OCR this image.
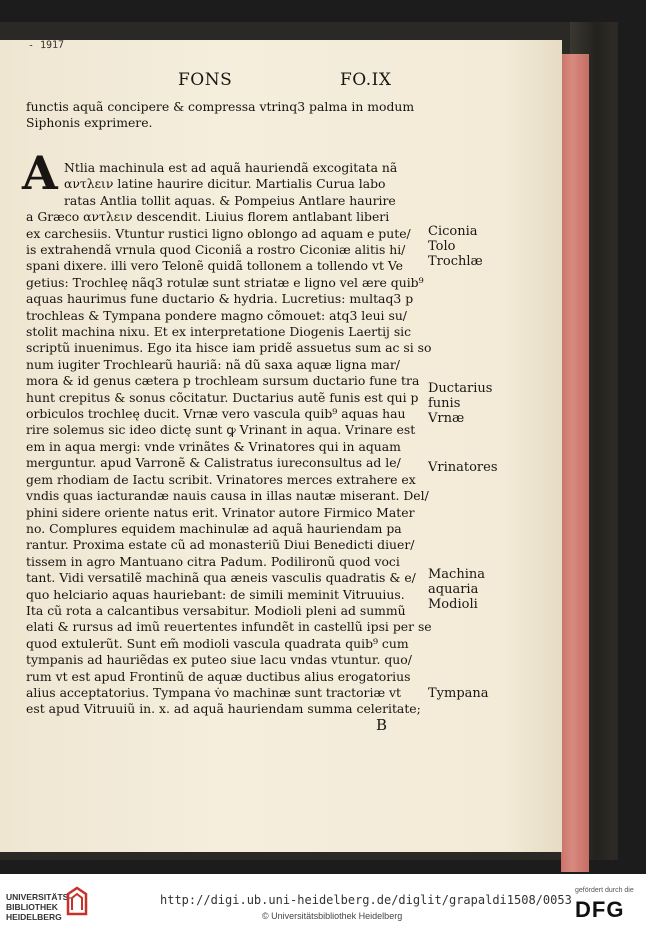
- 1917
FONS	FO.IX
functis aquã concipere & compressa vtrinq3 palma in modum
Siphonis exprimere.
A Ntlia machinula est ad aquã hauriendã excogitata nã
αντλειν latine haurire dicitur. Martialis Curua labo
ratas Antlia tollit aquas. & Pompeius Antlare haurire
a Græco αντλειν descendit. Liuius florem antlabant liberi
ex carchesiis. Vtuntur rustici ligno oblongo ad aquam e pute/
is extrahendã vrnula quod Ciconiã a rostro Ciconiæ alitis hi/
spani dixere. illi vero Telonẽ quidã tollonem a tollendo vt Ve
getius: Trochleę nãq3 rotulæ sunt striatæ e ligno vel ære quib⁹
aquas haurimus fune ductario & hydria. Lucretius: multaq3 p
trochleas & Tympana pondere magno cõmouet: atq3 leui su/
stolit machina nixu. Et ex interpretatione Diogenis Laertij sic
scriptũ inuenimus. Ego ita hisce iam pridẽ assuetus sum ac si so
num iugiter Trochlearũ hauriã: nã dũ saxa aquæ ligna mar/
mora & id genus cætera p trochleam sursum ductario fune tra
hunt crepitus & sonus cõcitatur. Ductarius autẽ funis est qui p
orbiculos trochleę ducit. Vrnæ vero vascula quib⁹ aquas hau
rire solemus sic ideo dictę sunt ꝙ Vrinant in aqua. Vrinare est
em in aqua mergi: vnde vrinãtes & Vrinatores qui in aquam
merguntur. apud Varronẽ & Calistratus iureconsultus ad le/
gem rhodiam de Iactu scribit. Vrinatores merces extrahere ex
vndis quas iacturandæ nauis causa in illas nautæ miserant. Del/
phini sidere oriente natus erit. Vrinator autore Firmico Mater
no. Complures equidem machinulæ ad aquã hauriendam pa
rantur. Proxima estate cũ ad monasteriũ Diui Benedicti diuer/
tissem in agro Mantuano citra Padum. Podilironũ quod voci
tant. Vidi versatilẽ machinã qua æneis vasculis quadratis & e/
quo helciario aquas hauriebant: de simili meminit Vitruuius.
Ita cũ rota a calcantibus versabitur. Modioli pleni ad summũ
elati & rursus ad imũ reuertentes infundẽt in castellũ ipsi per se
quod extulerũt. Sunt em̃ modioli vascula quadrata quib⁹ cum
tympanis ad hauriẽdas ex puteo siue lacu vndas vtuntur. quo/
rum vt est apud Frontinũ de aquæ ductibus alius erogatorius
alius acceptatorius. Tympana v̇o machinæ sunt tractoriæ vt
est apud Vitruuiũ in. x. ad aquã hauriendam summa celeritate;
Ciconia
Tolo
Trochlæ
Ductarius
funis
Vrnæ
Vrinatores
Machina
aquaria
Modioli
Tympana
B
UNIVERSITÄTS-
BIBLIOTHEK
HEIDELBERG
http://digi.ub.uni-heidelberg.de/diglit/grapaldi1508/0053
© Universitätsbibliothek Heidelberg
gefördert durch die
DFG
